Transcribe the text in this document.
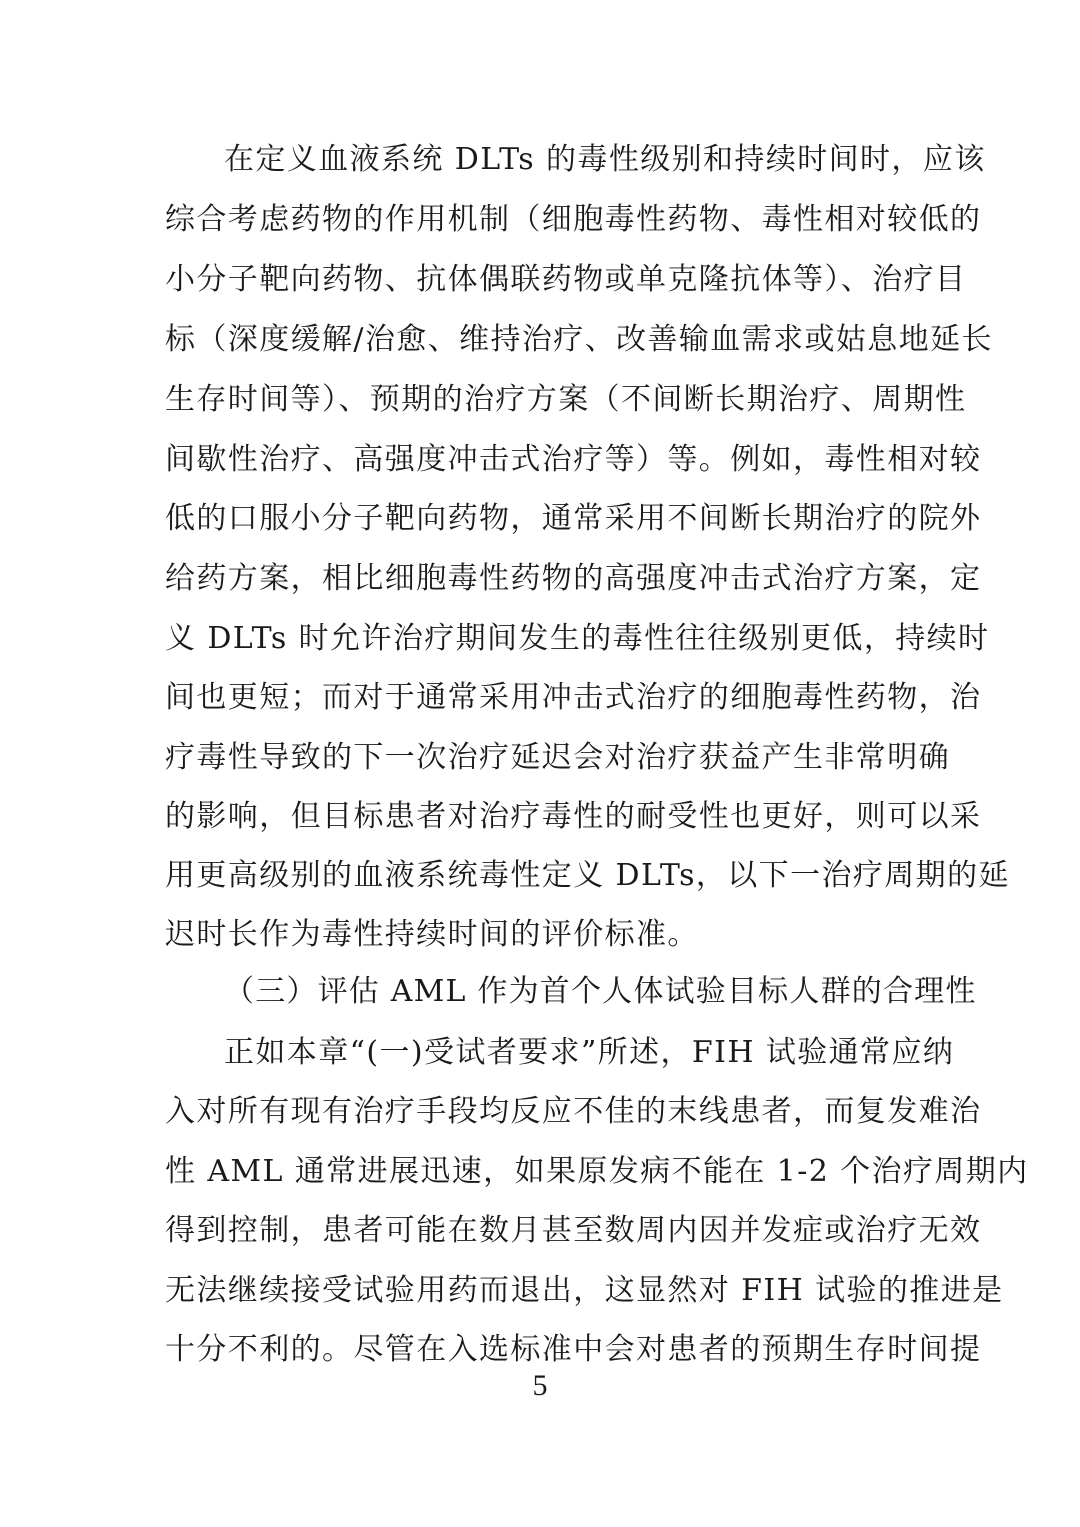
在定义血液系统 DLTs 的毒性级别和持续时间时，应该
综合考虑药物的作用机制（细胞毒性药物、毒性相对较低的
小分子靶向药物、抗体偶联药物或单克隆抗体等）、治疗目
标（深度缓解/治愈、维持治疗、改善输血需求或姑息地延长
生存时间等）、预期的治疗方案（不间断长期治疗、周期性
间歇性治疗、高强度冲击式治疗等）等。例如，毒性相对较
低的口服小分子靶向药物，通常采用不间断长期治疗的院外
给药方案，相比细胞毒性药物的高强度冲击式治疗方案，定
义 DLTs 时允许治疗期间发生的毒性往往级别更低，持续时
间也更短；而对于通常采用冲击式治疗的细胞毒性药物，治
疗毒性导致的下一次治疗延迟会对治疗获益产生非常明确
的影响，但目标患者对治疗毒性的耐受性也更好，则可以采
用更高级别的血液系统毒性定义 DLTs，以下一治疗周期的延
迟时长作为毒性持续时间的评价标准。
（三）评估 AML 作为首个人体试验目标人群的合理性
正如本章“(一)受试者要求”所述，FIH 试验通常应纳
入对所有现有治疗手段均反应不佳的末线患者，而复发难治
性 AML 通常进展迅速，如果原发病不能在 1-2 个治疗周期内
得到控制，患者可能在数月甚至数周内因并发症或治疗无效
无法继续接受试验用药而退出，这显然对 FIH 试验的推进是
十分不利的。尽管在入选标准中会对患者的预期生存时间提
5
